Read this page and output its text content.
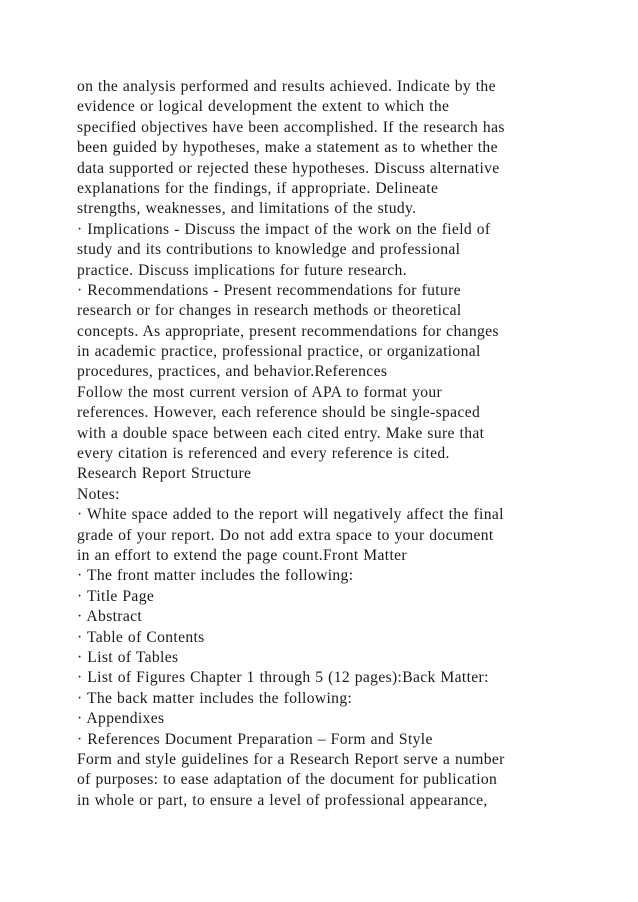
on the analysis performed and results achieved. Indicate by the
evidence or logical development the extent to which the
specified objectives have been accomplished. If the research has
been guided by hypotheses, make a statement as to whether the
data supported or rejected these hypotheses. Discuss alternative
explanations for the findings, if appropriate. Delineate
strengths, weaknesses, and limitations of the study.
· Implications - Discuss the impact of the work on the field of
study and its contributions to knowledge and professional
practice. Discuss implications for future research.
· Recommendations - Present recommendations for future
research or for changes in research methods or theoretical
concepts. As appropriate, present recommendations for changes
in academic practice, professional practice, or organizational
procedures, practices, and behavior.References
Follow the most current version of APA to format your
references. However, each reference should be single-spaced
with a double space between each cited entry. Make sure that
every citation is referenced and every reference is cited.
Research Report Structure
Notes:
· White space added to the report will negatively affect the final
grade of your report. Do not add extra space to your document
in an effort to extend the page count.Front Matter
· The front matter includes the following:
· Title Page
· Abstract
· Table of Contents
· List of Tables
· List of Figures Chapter 1 through 5 (12 pages):Back Matter:
· The back matter includes the following:
· Appendixes
· References Document Preparation – Form and Style
Form and style guidelines for a Research Report serve a number
of purposes: to ease adaptation of the document for publication
in whole or part, to ensure a level of professional appearance,
